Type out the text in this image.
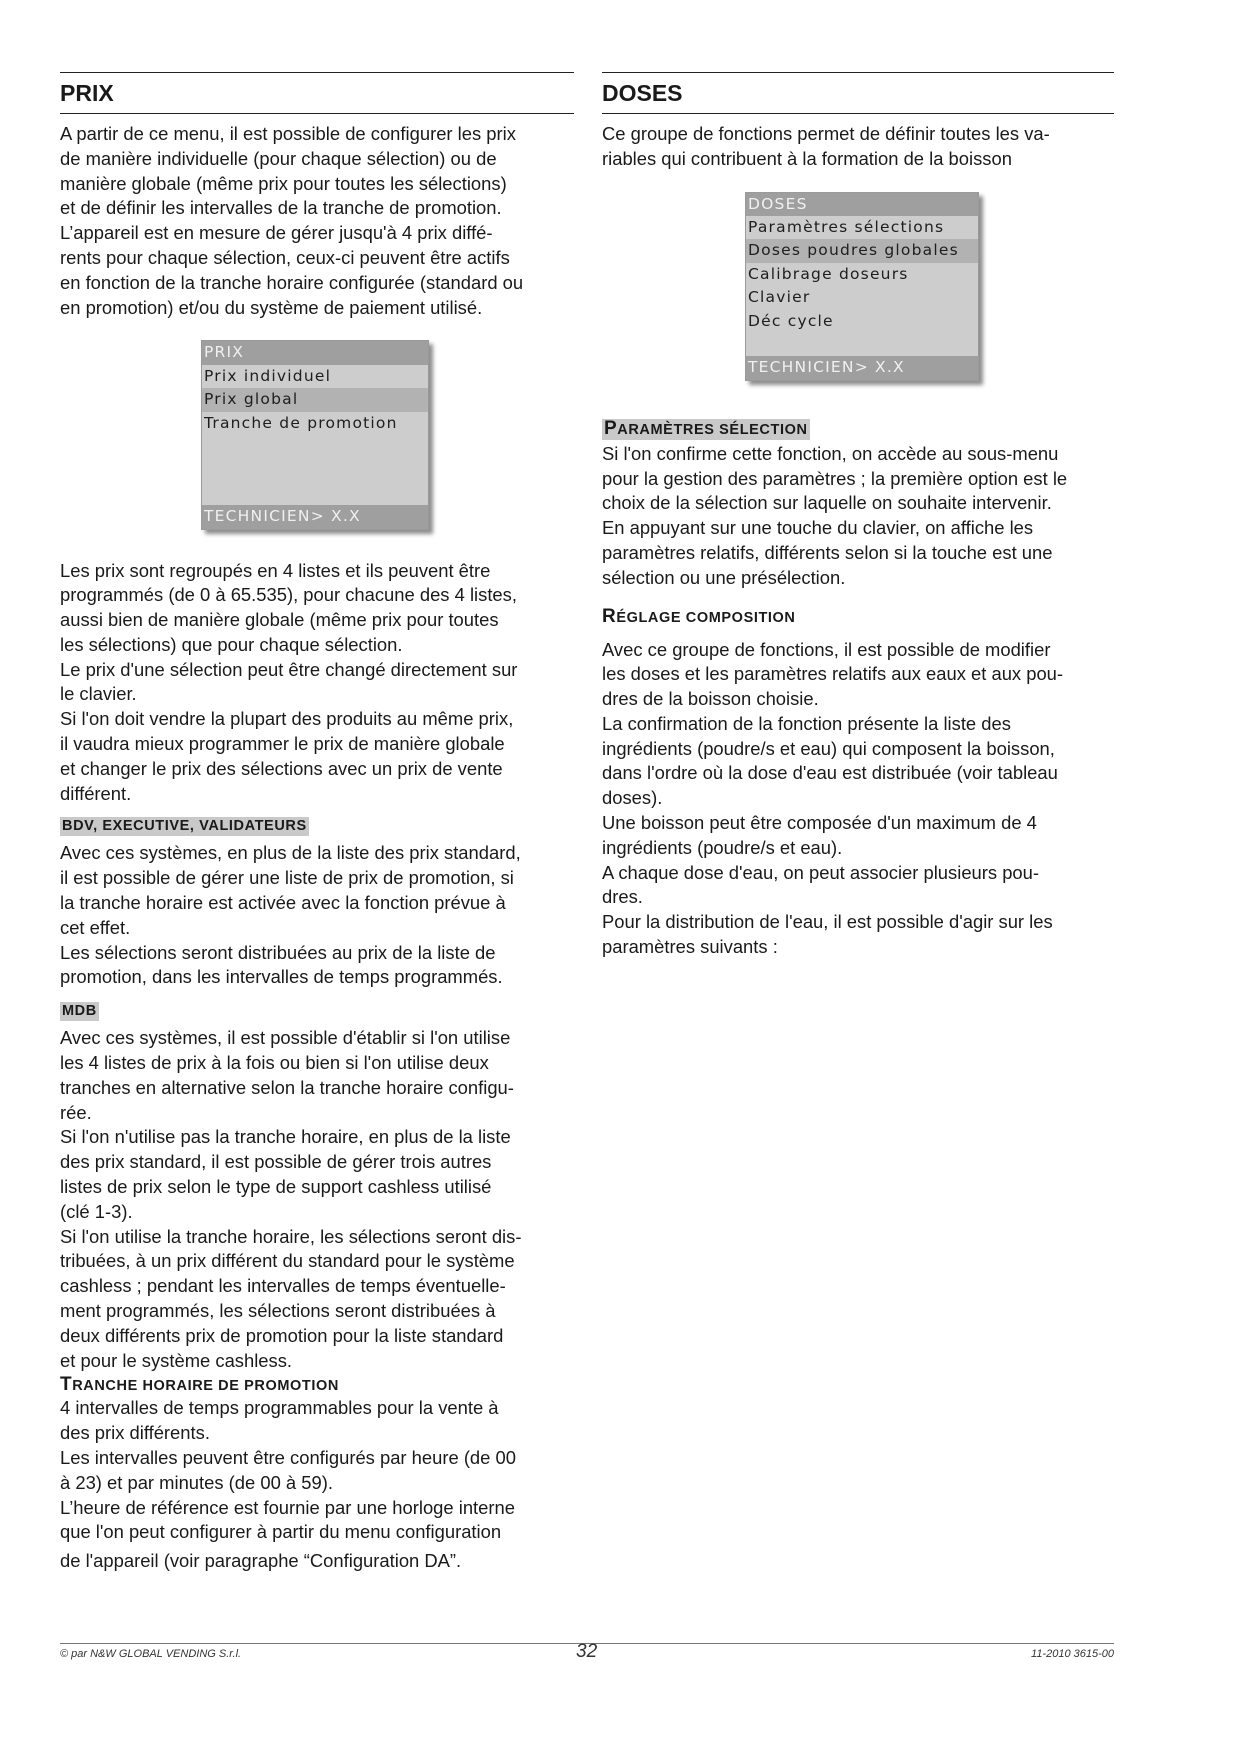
PRIX

A partir de ce menu, il est possible de configurer les prix

de manière individuelle (pour chaque sélection) ou de

manière globale (même prix pour toutes les sélections)

et de définir les intervalles de la tranche de promotion.

L’appareil est en mesure de gérer jusqu'à 4 prix diffé-

rents pour chaque sélection, ceux-ci peuvent être actifs

en fonction de la tranche horaire configurée (standard ou

en promotion) et/ou du système de paiement utilisé.

PRIX
Prix individuel
Prix global
Tranche de promotion
TECHNICIEN> X.X

Les prix sont regroupés en 4 listes et ils peuvent être

programmés (de 0 à 65.535), pour chacune des 4 listes,

aussi bien de manière globale (même prix pour toutes

les sélections) que pour chaque sélection.

Le prix d'une sélection peut être changé directement sur

le clavier.

Si l'on doit vendre la plupart des produits au même prix,

il vaudra mieux programmer le prix de manière globale

et changer le prix des sélections avec un prix de vente

différent.

BDV, EXECUTIVE, VALIDATEURS

Avec ces systèmes, en plus de la liste des prix standard,

il est possible de gérer une liste de prix de promotion, si

la tranche horaire est activée avec la fonction prévue à

cet effet.

Les sélections seront distribuées au prix de la liste de

promotion, dans les intervalles de temps programmés.

MDB

Avec ces systèmes, il est possible d'établir si l'on utilise

les 4 listes de prix à la fois ou bien si l'on utilise deux

tranches en alternative selon la tranche horaire configu-

rée.

Si l'on n'utilise pas la tranche horaire, en plus de la liste

des prix standard, il est possible de gérer trois autres

listes de prix selon le type de support cashless utilisé

(clé 1-3).

Si l'on utilise la tranche horaire, les sélections seront dis-

tribuées, à un prix différent du standard pour le système

cashless ; pendant les intervalles de temps éventuelle-

ment programmés, les sélections seront distribuées à

deux différents prix de promotion pour la liste standard

et pour le système cashless.

TRANCHE HORAIRE DE PROMOTION

4 intervalles de temps programmables pour la vente à

des prix différents.

Les intervalles peuvent être configurés par heure (de 00

à 23) et par minutes (de 00 à 59).

L’heure de référence est fournie par une horloge interne

que l'on peut configurer à partir du menu configuration

de l'appareil (voir paragraphe “Configuration DA”.

DOSES

Ce groupe de fonctions permet de définir toutes les va-

riables qui contribuent à la formation de la boisson

DOSES
Paramètres sélections
Doses poudres globales
Calibrage doseurs
Clavier
Déc cycle
TECHNICIEN> X.X
PARAMÈTRES SÉLECTION

Si l'on confirme cette fonction, on accède au sous-menu

pour la gestion des paramètres ; la première option est le

choix de la sélection sur laquelle on souhaite intervenir.

En appuyant sur une touche du clavier, on affiche les

paramètres relatifs, différents selon si la touche est une

sélection ou une présélection.

RÉGLAGE COMPOSITION

Avec ce groupe de fonctions, il est possible de modifier

les doses et les paramètres relatifs aux eaux et aux pou-

dres de la boisson choisie.

La confirmation de la fonction présente la liste des

ingrédients (poudre/s et eau) qui composent la boisson,

dans l'ordre où la dose d'eau est distribuée (voir tableau

doses).

Une boisson peut être composée d'un maximum de 4

ingrédients (poudre/s et eau).

A chaque dose d'eau, on peut associer plusieurs pou-

dres.

Pour la distribution de l'eau, il est possible d'agir sur les

paramètres suivants :

© par N&W GLOBAL VENDING S.r.l.	32	11-2010 3615-00
